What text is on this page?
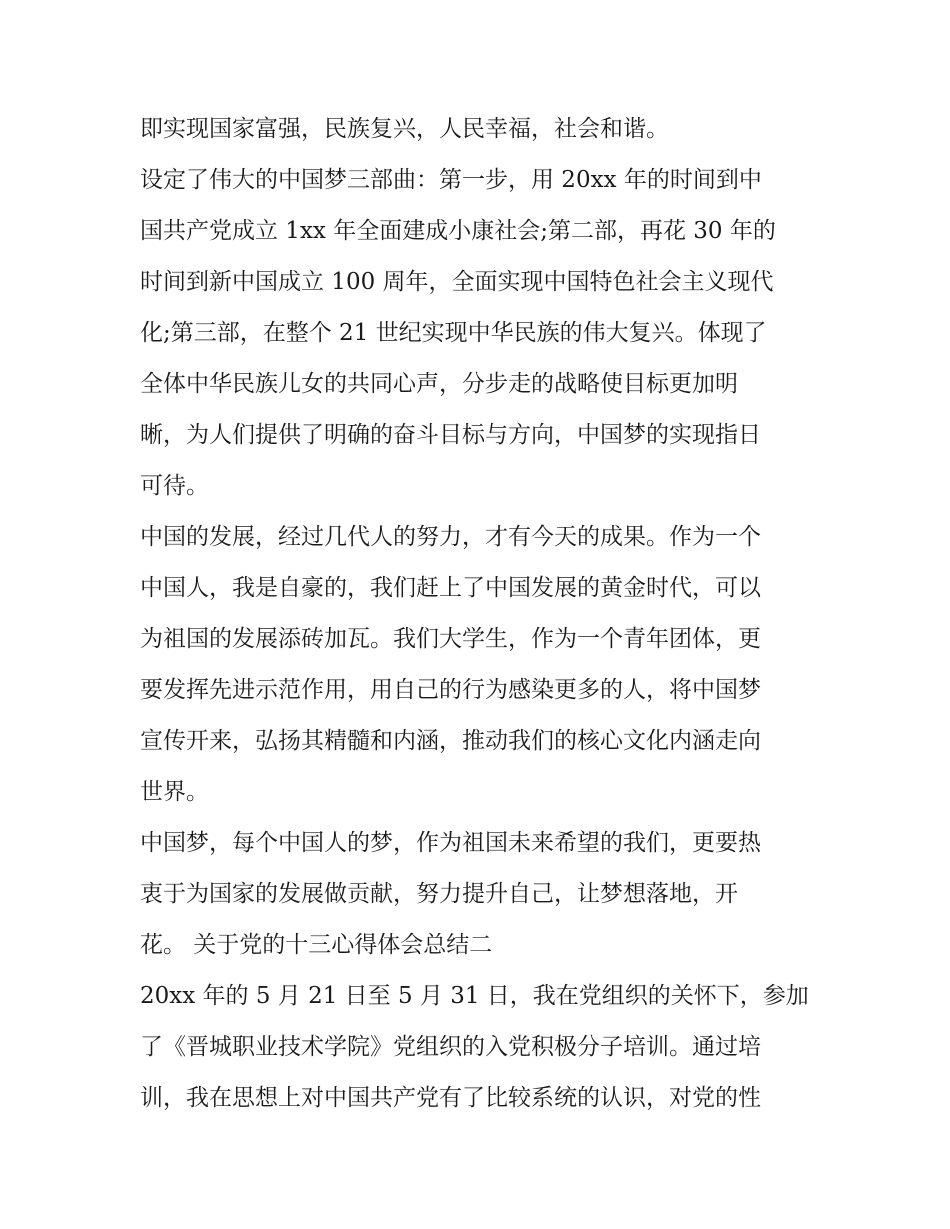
即实现国家富强，民族复兴，人民幸福，社会和谐。
设定了伟大的中国梦三部曲：第一步，用 20xx 年的时间到中
国共产党成立 1xx 年全面建成小康社会;第二部，再花 30 年的
时间到新中国成立 100 周年，全面实现中国特色社会主义现代
化;第三部，在整个 21 世纪实现中华民族的伟大复兴。体现了
全体中华民族儿女的共同心声，分步走的战略使目标更加明
晰，为人们提供了明确的奋斗目标与方向，中国梦的实现指日
可待。
中国的发展，经过几代人的努力，才有今天的成果。作为一个
中国人，我是自豪的，我们赶上了中国发展的黄金时代，可以
为祖国的发展添砖加瓦。我们大学生，作为一个青年团体，更
要发挥先进示范作用，用自己的行为感染更多的人，将中国梦
宣传开来，弘扬其精髓和内涵，推动我们的核心文化内涵走向
世界。
中国梦，每个中国人的梦，作为祖国未来希望的我们，更要热
衷于为国家的发展做贡献，努力提升自己，让梦想落地，开
花。 关于党的十三心得体会总结二
20xx 年的 5 月 21 日至 5 月 31 日，我在党组织的关怀下，参加
了《晋城职业技术学院》党组织的入党积极分子培训。通过培
训，我在思想上对中国共产党有了比较系统的认识，对党的性
